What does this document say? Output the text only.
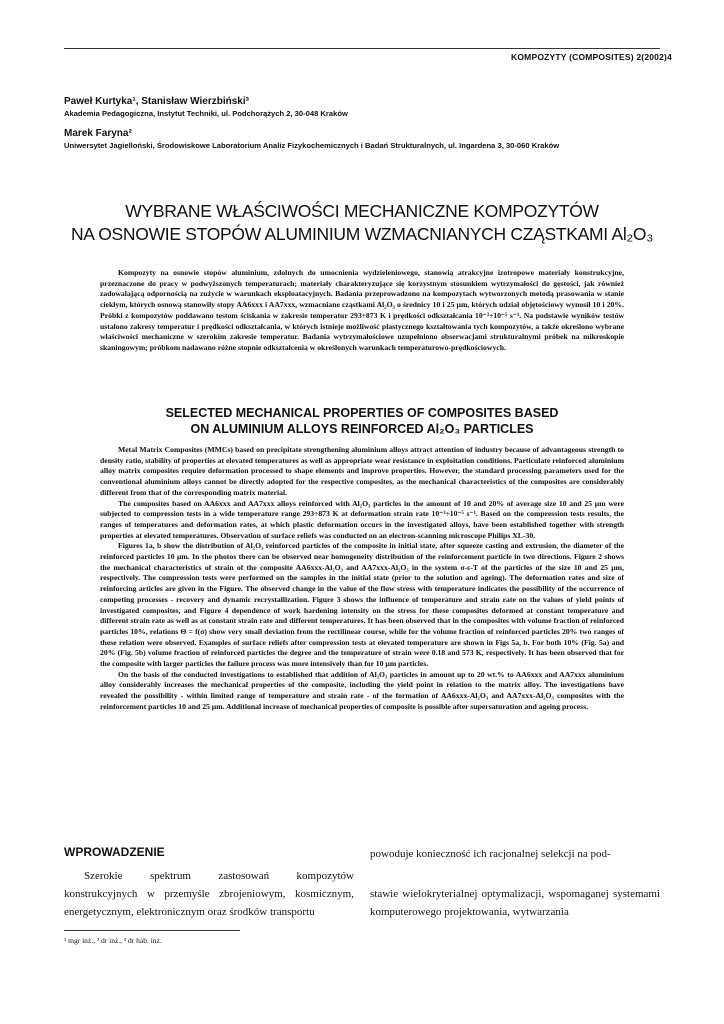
KOMPOZYTY (COMPOSITES) 2(2002)4

Paweł Kurtyka¹, Stanisław Wierzbiński³

Akademia Pedagogiczna, Instytut Techniki, ul. Podchorążych 2, 30-048 Kraków

Marek Faryna²

Uniwersytet Jagielloński, Środowiskowe Laboratorium Analiz Fizykochemicznych i Badań Strukturalnych, ul. Ingardena 3, 30-060 Kraków

WYBRANE WŁAŚCIWOŚCI MECHANICZNE KOMPOZYTÓW
NA OSNOWIE STOPÓW ALUMINIUM WZMACNIANYCH CZĄSTKAMI Al₂O₃

Kompozyty na osnowie stopów aluminium, zdolnych do umocnienia wydzieleniowego, stanowią atrakcyjne izotropowe materiały konstrukcyjne, przeznaczone do pracy w podwyższonych temperaturach; materiały charakteryzujące się korzystnym stosunkiem wytrzymałości do gęstości, jak również zadowalającą odpornością na zużycie w warunkach eksploatacyjnych. Badania przeprowadzono na kompozytach wytworzonych metodą prasowania w stanie ciekłym, których osnową stanowiły stopy AA6xxx i AA7xxx, wzmacniane cząstkami Al₂O₃ o średnicy 10 i 25 µm, których udział objętościowy wynosił 10 i 20%. Próbki z kompozytów poddawano testom ściskania w zakresie temperatur 293÷873 K i prędkości odkształcania 10⁻³÷10⁻⁵ s⁻¹. Na podstawie wyników testów ustalono zakresy temperatur i prędkości odkształcania, w których istnieje możliwość plastycznego kształtowania tych kompozytów, a także określono wybrane właściwości mechaniczne w szerokim zakresie temperatur. Badania wytrzymałościowe uzupełniono obserwacjami strukturalnymi próbek na mikroskopie skaningowym; próbkom nadawano różne stopnie odkształcenia w określonych warunkach temperaturowo-prędkościowych.

SELECTED MECHANICAL PROPERTIES OF COMPOSITES BASED
ON ALUMINIUM ALLOYS REINFORCED Al₂O₃ PARTICLES

Metal Matrix Composites (MMCs) based on precipitate strengthening aluminium alloys attract attention of industry because of advantageous strength to density ratio, stability of properties at elevated temperatures as well as appropriate wear resistance in exploitation conditions. Particulate reinforced aluminium alloy matrix composites require deformation processed to shape elements and improve properties. However, the standard processing parameters used for the conventional aluminium alloys cannot be directly adopted for the respective composites, as the mechanical characteristics of the composites are considerably different from that of the corresponding matrix material.

The composites based on AA6xxx and AA7xxx alloys reinforced with Al₂O₃ particles in the amount of 10 and 20% of average size 10 and 25 µm were subjected to compression tests in a wide temperature range 293÷873 K at deformation strain rate 10⁻³÷10⁻⁵ s⁻¹. Based on the compression tests results, the ranges of temperatures and deformation rates, at which plastic deformation occurs in the investigated alloys, have been established together with strength properties at elevated temperatures. Observation of surface reliefs was conducted on an electron-scanning microscope Philips XL-30.

Figures 1a, b show the distribution of Al₂O₃ reinforced particles of the composite in initial state, after squeeze casting and extrusion, the diameter of the reinforced particles 10 µm. In the photos there can be observed near homogeneity distribution of the reinforcement particle in two directions. Figure 2 shows the mechanical characteristics of strain of the composite AA6xxx-Al₂O₃ and AA7xxx-Al₂O₃ in the system σ-ε-T of the particles of the size 10 and 25 µm, respectively. The compression tests were performed on the samples in the initial state (prior to the solution and ageing). The deformation rates and size of reinforcing articles are given in the Figure. The observed change in the value of the flow stress with temperature indicates the possibility of the occurrence of competing processes - recovery and dynamic recrystallization. Figure 3 shows the influence of temperature and strain rate on the values of yield points of investigated composites, and Figure 4 dependence of work hardening intensity on the stress for these composites deformed at constant temperature and different strain rate as well as at constant strain rate and different temperatures. It has been observed that in the composites with volume fraction of reinforced particles 10%, relations Θ = f(σ) show very small deviation from the rectilinear course, while for the volume fraction of reinforced particles 20% two ranges of these relation were observed. Examples of surface reliefs after compression tests at elevated temperature are shown in Figs 5a, b. For both 10% (Fig. 5a) and 20% (Fig. 5b) volume fraction of reinforced particles the degree and the temperature of strain were 0.18 and 573 K, respectively. It has been observed that for the composite with larger particles the failure process was more intensively than for 10 µm particles.

On the basis of the conducted investigations to established that addition of Al₂O₃ particles in amount up to 20 wt.% to AA6xxx and AA7xxx aluminium alloy considerably increases the mechanical properties of the composite, including the yield point in relation to the matrix alloy. The investigations have revealed the possibility - within limited range of temperature and strain rate - of the formation of AA6xxx-Al₂O₃ and AA7xxx-Al₂O₃ composites with the reinforcement particles 10 and 25 µm. Additional increase of mechanical properties of composite is possible after supersaturation and ageing process.

WPROWADZENIE

Szerokie spektrum zastosowań kompozytów konstrukcyjnych w przemyśle zbrojeniowym, kosmicznym, energetycznym, elektronicznym oraz środków transportu

powoduje konieczność ich racjonalnej selekcji na pod-

stawie wielokryterialnej optymalizacji, wspomaganej systemami komputerowego projektowania, wytwarzania

¹ mgr inż., ² dr inż., ³ dr hab. inż.
